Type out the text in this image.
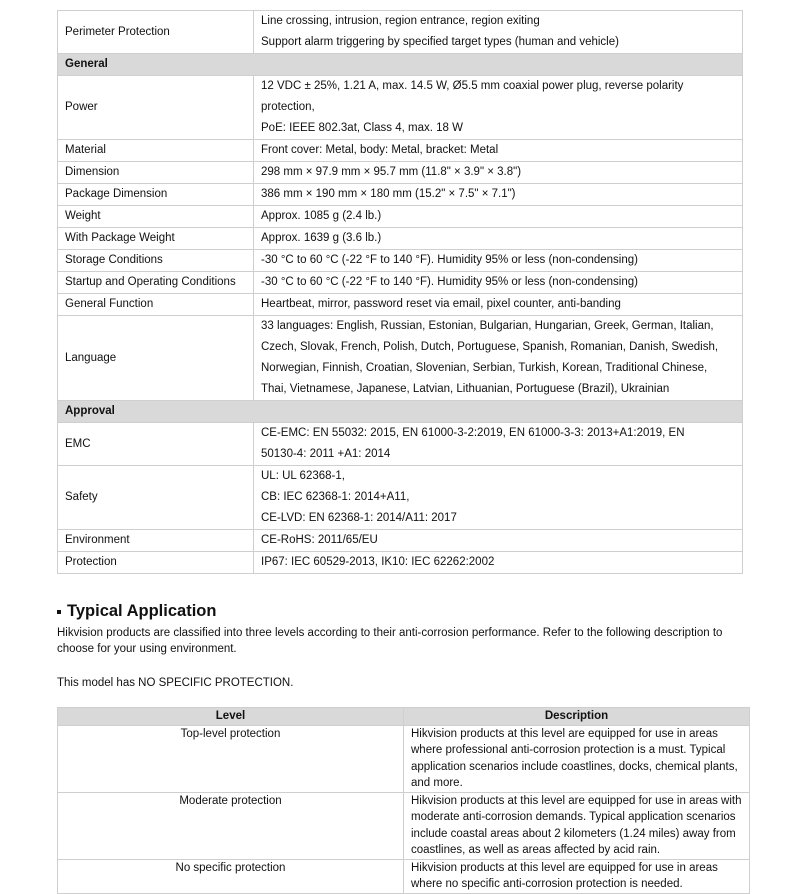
Perimeter Protection	Line crossing, intrusion, region entrance, region exiting
Support alarm triggering by specified target types (human and vehicle)

General	
Power	12 VDC ± 25%, 1.21 A, max. 14.5 W, Ø5.5 mm coaxial power plug, reverse polarity
protection,
PoE: IEEE 802.3at, Class 4, max. 18 W

Material	Front cover: Metal, body: Metal, bracket: Metal

Dimension	298 mm × 97.9 mm × 95.7 mm (11.8" × 3.9" × 3.8")

Package Dimension	386 mm × 190 mm × 180 mm (15.2" × 7.5" × 7.1")

Weight	Approx. 1085 g (2.4 lb.)

With Package Weight	Approx. 1639 g (3.6 lb.)

Storage Conditions	-30 °C to 60 °C (-22 °F to 140 °F). Humidity 95% or less (non-condensing)

Startup and Operating Conditions	-30 °C to 60 °C (-22 °F to 140 °F). Humidity 95% or less (non-condensing)

General Function	Heartbeat, mirror, password reset via email, pixel counter, anti-banding

Language	33 languages: English, Russian, Estonian, Bulgarian, Hungarian, Greek, German, Italian,
Czech, Slovak, French, Polish, Dutch, Portuguese, Spanish, Romanian, Danish, Swedish,
Norwegian, Finnish, Croatian, Slovenian, Serbian, Turkish, Korean, Traditional Chinese,
Thai, Vietnamese, Japanese, Latvian, Lithuanian, Portuguese (Brazil), Ukrainian

Approval	
EMC	CE-EMC: EN 55032: 2015, EN 61000-3-2:2019, EN 61000-3-3: 2013+A1:2019, EN
50130-4: 2011 +A1: 2014

Safety	UL: UL 62368-1,
CB: IEC 62368-1: 2014+A11,
CE-LVD: EN 62368-1: 2014/A11: 2017

Environment	CE-RoHS: 2011/65/EU

Protection	IP67: IEC 60529-2013, IK10: IEC 62262:2002
Typical Application
Hikvision products are classified into three levels according to their anti-corrosion performance. Refer to the following description to choose for your using environment.
This model has NO SPECIFIC PROTECTION.
Level	Description
Top-level protection	Hikvision products at this level are equipped for use in areas where professional anti-corrosion protection is a must. Typical application scenarios include coastlines, docks, chemical plants, and more.
Moderate protection	Hikvision products at this level are equipped for use in areas with moderate anti-corrosion demands. Typical application scenarios include coastal areas about 2 kilometers (1.24 miles) away from coastlines, as well as areas affected by acid rain.
No specific protection	Hikvision products at this level are equipped for use in areas where no specific anti-corrosion protection is needed.
